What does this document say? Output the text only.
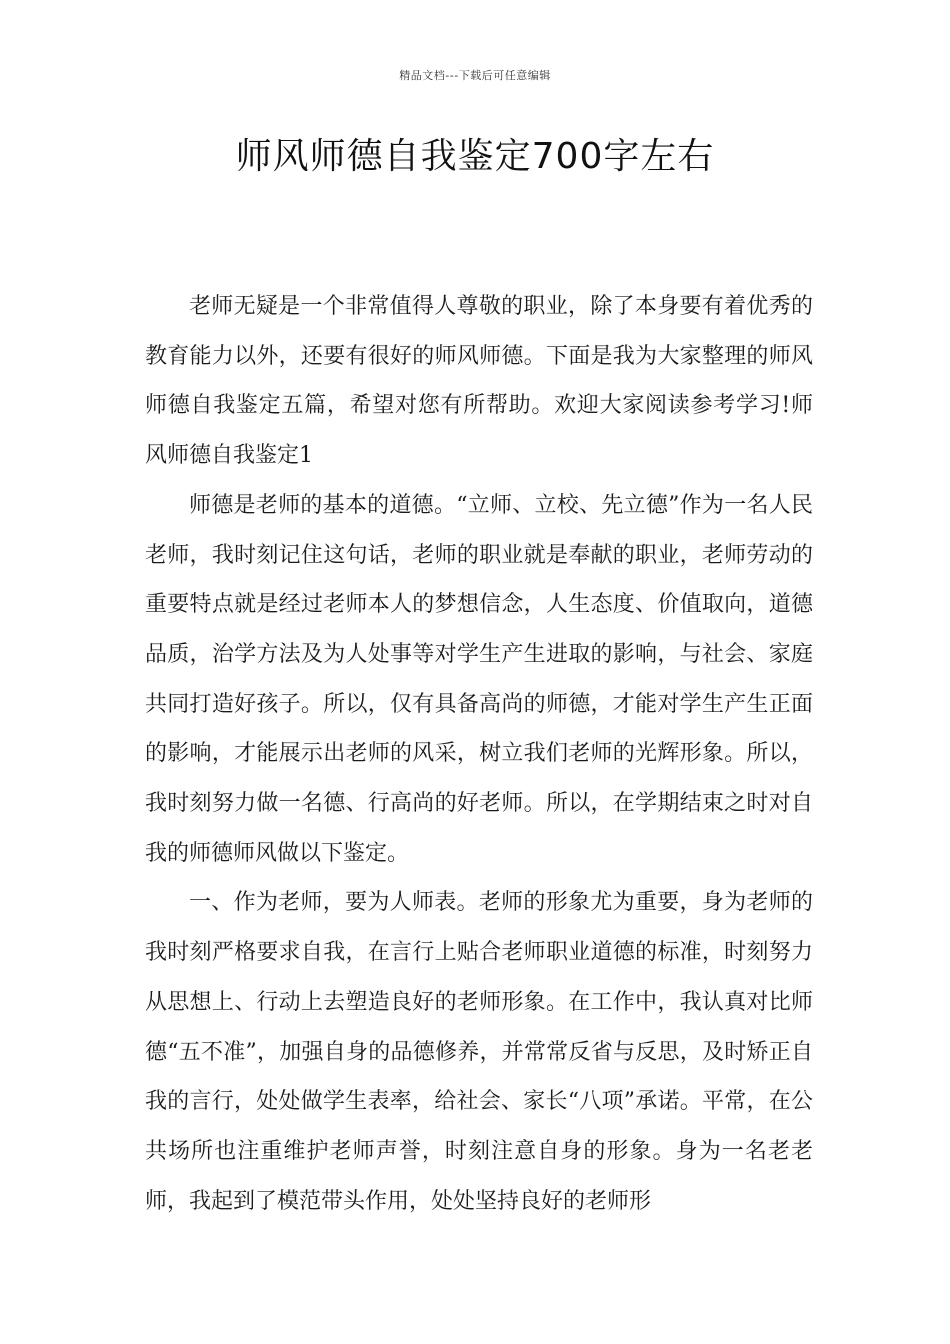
精品文档---下载后可任意编辑
师风师德自我鉴定700字左右

老师无疑是一个非常值得人尊敬的职业，除了本身要有着优秀的教育能力以外，还要有很好的师风师德。下面是我为大家整理的师风师德自我鉴定五篇，希望对您有所帮助。欢迎大家阅读参考学习!师风师德自我鉴定1

师德是老师的基本的道德。“立师、立校、先立德”作为一名人民老师，我时刻记住这句话，老师的职业就是奉献的职业，老师劳动的重要特点就是经过老师本人的梦想信念，人生态度、价值取向，道德品质，治学方法及为人处事等对学生产生进取的影响，与社会、家庭共同打造好孩子。所以，仅有具备高尚的师德，才能对学生产生正面的影响，才能展示出老师的风采，树立我们老师的光辉形象。所以，我时刻努力做一名德、行高尚的好老师。所以，在学期结束之时对自我的师德师风做以下鉴定。

一、作为老师，要为人师表。老师的形象尤为重要，身为老师的我时刻严格要求自我，在言行上贴合老师职业道德的标准，时刻努力从思想上、行动上去塑造良好的老师形象。在工作中，我认真对比师德“五不准”，加强自身的品德修养，并常常反省与反思，及时矫正自我的言行，处处做学生表率，给社会、家长“八项”承诺。平常，在公共场所也注重维护老师声誉，时刻注意自身的形象。身为一名老老师，我起到了模范带头作用，处处坚持良好的老师形
